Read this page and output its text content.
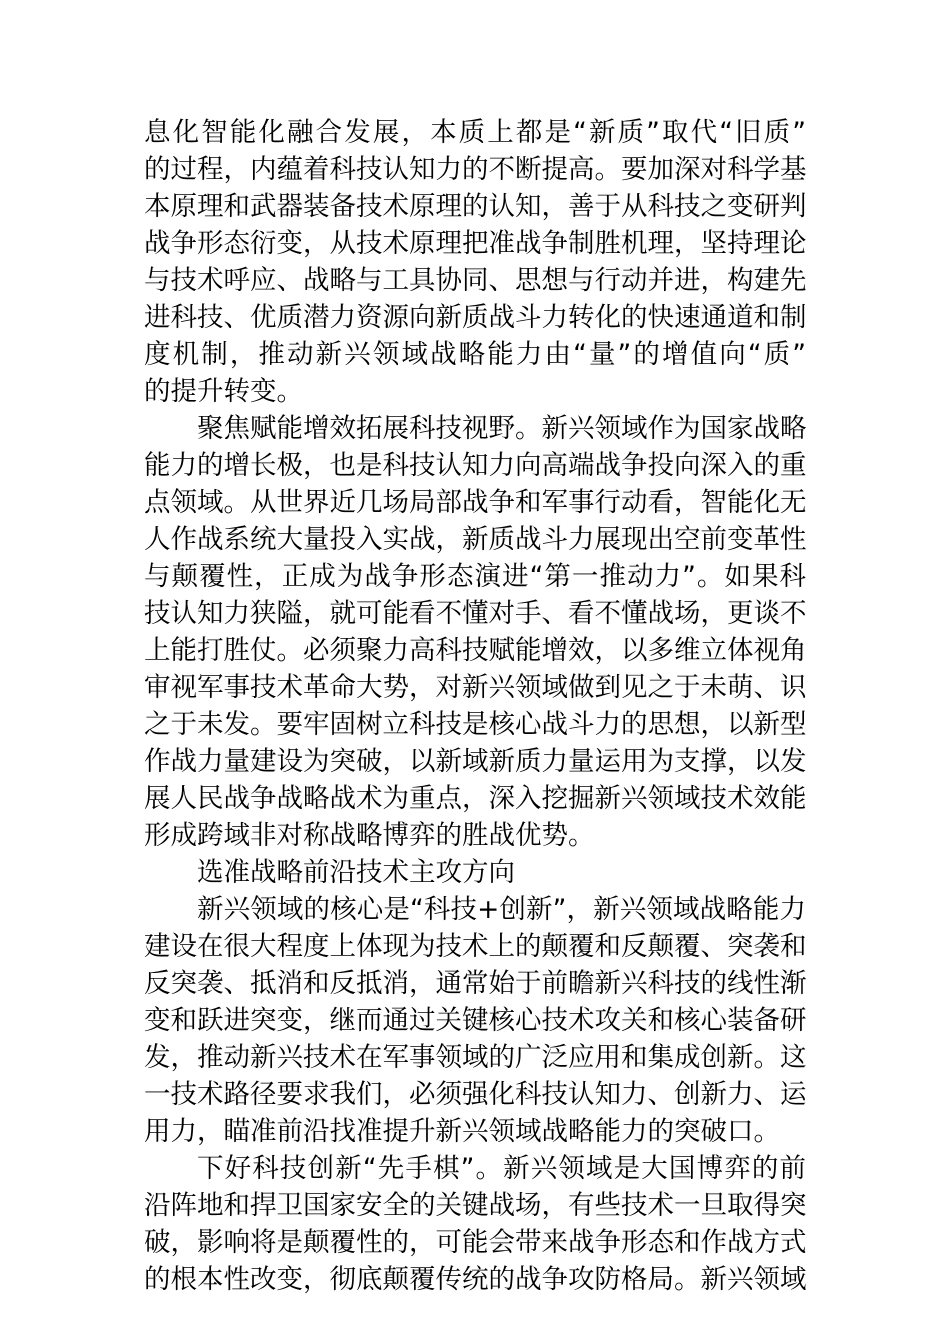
息化智能化融合发展，本质上都是“新质”取代“旧质”
的过程，内蕴着科技认知力的不断提高。要加深对科学基
本原理和武器装备技术原理的认知，善于从科技之变研判
战争形态衍变，从技术原理把准战争制胜机理，坚持理论
与技术呼应、战略与工具协同、思想与行动并进，构建先
进科技、优质潜力资源向新质战斗力转化的快速通道和制
度机制，推动新兴领域战略能力由“量”的增值向“质”
的提升转变。
聚焦赋能增效拓展科技视野。新兴领域作为国家战略
能力的增长极，也是科技认知力向高端战争投向深入的重
点领域。从世界近几场局部战争和军事行动看，智能化无
人作战系统大量投入实战，新质战斗力展现出空前变革性
与颠覆性，正成为战争形态演进“第一推动力”。如果科
技认知力狭隘，就可能看不懂对手、看不懂战场，更谈不
上能打胜仗。必须聚力高科技赋能增效，以多维立体视角
审视军事技术革命大势，对新兴领域做到见之于未萌、识
之于未发。要牢固树立科技是核心战斗力的思想，以新型
作战力量建设为突破，以新域新质力量运用为支撑，以发
展人民战争战略战术为重点，深入挖掘新兴领域技术效能
形成跨域非对称战略博弈的胜战优势。
选准战略前沿技术主攻方向
新兴领域的核心是“科技+创新”，新兴领域战略能力
建设在很大程度上体现为技术上的颠覆和反颠覆、突袭和
反突袭、抵消和反抵消，通常始于前瞻新兴科技的线性渐
变和跃进突变，继而通过关键核心技术攻关和核心装备研
发，推动新兴技术在军事领域的广泛应用和集成创新。这
一技术路径要求我们，必须强化科技认知力、创新力、运
用力，瞄准前沿找准提升新兴领域战略能力的突破口。
下好科技创新“先手棋”。新兴领域是大国博弈的前
沿阵地和捍卫国家安全的关键战场，有些技术一旦取得突
破，影响将是颠覆性的，可能会带来战争形态和作战方式
的根本性改变，彻底颠覆传统的战争攻防格局。新兴领域
